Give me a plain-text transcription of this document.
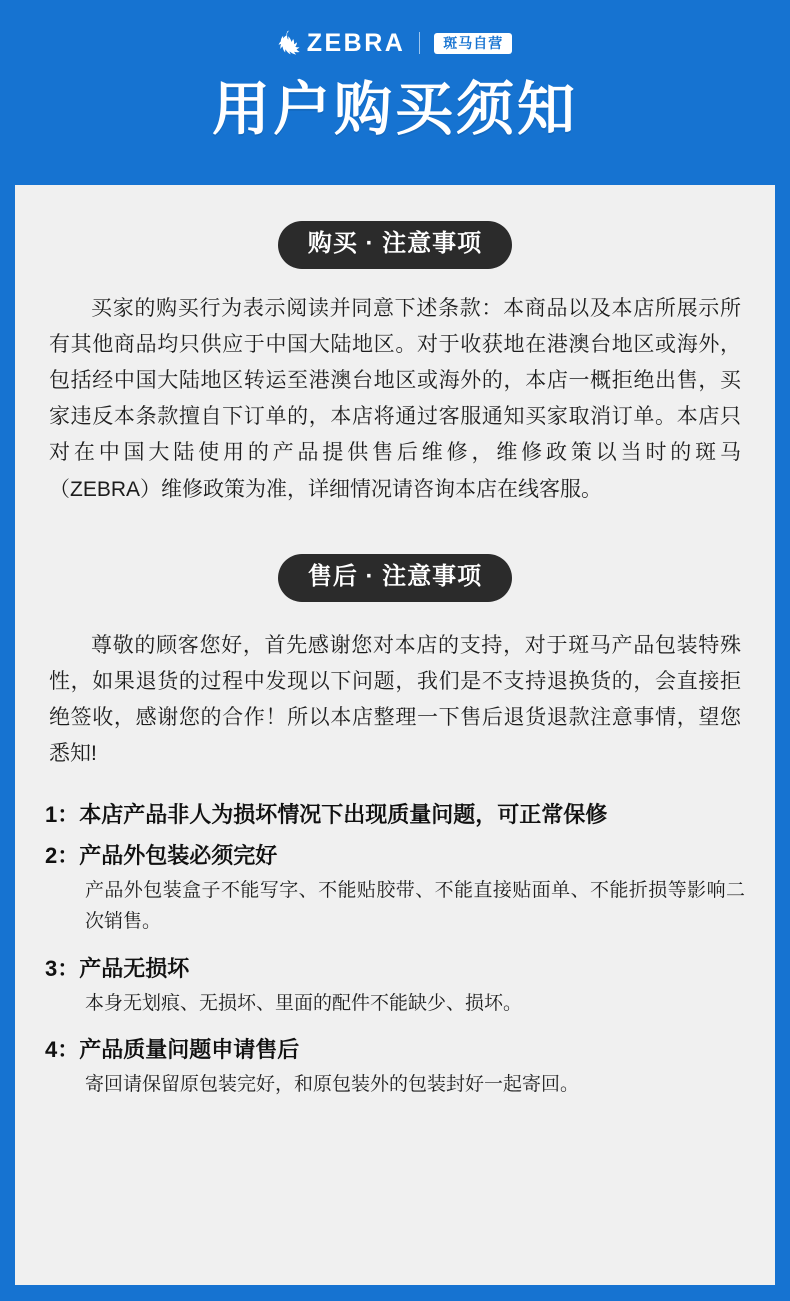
ZEBRA	斑马自营
用户购买须知
购买 · 注意事项

买家的购买行为表示阅读并同意下述条款：本商品以及本店所展示所有其他商品均只供应于中国大陆地区。对于收获地在港澳台地区或海外，包括经中国大陆地区转运至港澳台地区或海外的，本店一概拒绝出售，买家违反本条款擅自下订单的，本店将通过客服通知买家取消订单。本店只对在中国大陆使用的产品提供售后维修，维修政策以当时的斑马 （ZEBRA）维修政策为准，详细情况请咨询本店在线客服。

售后 · 注意事项

尊敬的顾客您好，首先感谢您对本店的支持，对于斑马产品包装特殊性，如果退货的过程中发现以下问题，我们是不支持退换货的，会直接拒绝签收，感谢您的合作！所以本店整理一下售后退货退款注意事情，望您悉知!

1： 本店产品非人为损坏情况下出现质量问题，可正常保修
2： 产品外包装必须完好
产品外包装盒子不能写字、不能贴胶带、不能直接贴面单、不能折损等影响二次销售。
3： 产品无损坏
本身无划痕、无损坏、里面的配件不能缺少、损坏。
4： 产品质量问题申请售后
寄回请保留原包装完好，和原包装外的包装封好一起寄回。
